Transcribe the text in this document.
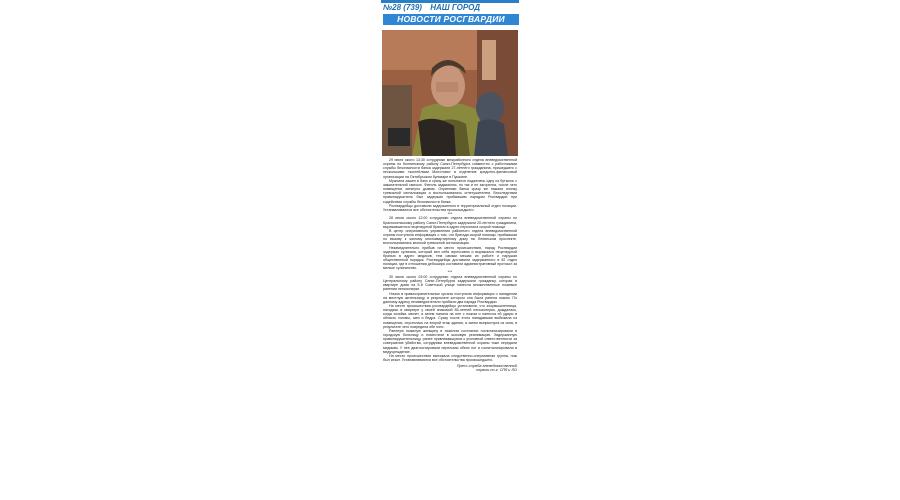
№28 (739) НАШ ГОРОД
НОВОСТИ РОСГВАРДИИ

29 июля около 13:30 сотрудники межрайонного отдела вневедомственной охраны по Колпинскому району Санкт-Петербурга совместно с работниками службы безопасности банка задержали 27-летнего гражданина, пришедшего с несколькими «коктейлями Молотова» в отделение кредитно-финансовой организации на Октябрьском бульваре в Пушкине.

Мужчина зашел в банк и сразу же попытался подженечь одну из бутылок с зажигательной смесью. Фитиль задымился, но так и не загорелся, после чего помещение затянуло дымом. Охранники банка сразу же нажали кнопку тревожной сигнализации и воспользовались огнетушителем. Впоследствии правонарушитель был задержан прибывшим нарядом Росгвардии при содействии службы безопасности банка.

Росгвардейцы доставили задержанного в территориальный отдел полиции. Устанавливаются все обстоятельства произошедшего.

***

28 июля около 12:00 сотрудники отдела вневедомственной охраны по Красносельскому району Санкт-Петербурга задержали 20-летнего гражданина, выражавшегося нецензурной бранью в адрес персонала скорой помощи.

В центр оперативного управления районного отдела вневедомственной охраны поступила информация о том, что бригада скорой помощи, прибывшая по вызову к жилому многоквартирному дому на Ленинском проспекте, воспользовалась кнопкой тревожной сигнализации.

Незамедлительно прибыв на место происшествия, наряд Росгвардии задержал хулигана, который вел себя агрессивно и выражался нецензурной бранью в адрес медиков, тем самым мешая их работе и нарушая общественный порядок. Росгвардейцы доставили задержанного в 82 отдел полиции, где в отношении дебошира составили административный протокол за мелкое хулиганство.

***

30 июля около 03:00 сотрудники отдела вневедомственной охраны по Центральному району Санкт-Петербурга задержали гражданку, которая в квартире дома на 5-й Советской улице нанесла множественные ножевые ранения пенсионерке.

Ночью в правоохранительные органы поступила информация о нападении на местную жительницу, в результате которого она была ранена ножом. По данному адресу незамедлительно прибыли два наряда Росгвардии.

На месте происшествия росгвардейцы установили, что злоумышленница, находясь в квартире у своей знакомой 85-летней пенсионерки, дождалась, когда хозяйка заснет, а затем напала на нее с ножом и нанесла ей удары в область головы, шеи и бедра. Сразу после этого нападавшая выбежала из помещения, спустилась на второй этаж здания, а затем выпрыгнула из окна, в результате чего повредила обе ноги.

Раненую пожилую женщину в тяжелом состоянии госпитализировали в городскую больницу и поместили в шоковую реанимацию. Задержанную правонарушительницу, ранее привлекавшуюся к уголовной ответственности за совершение убийства, сотрудники вневедомственной охраны тоже передали медикам. У нее диагностировали переломы обеих ног и госпитализировали в медучреждение.

На место происшествия выезжала следственно-оперативная группа, нож был изъят. Устанавливаются все обстоятельства произошедшего.

Пресс-служба вневедомственной
охраны по г. СПб и ЛО
